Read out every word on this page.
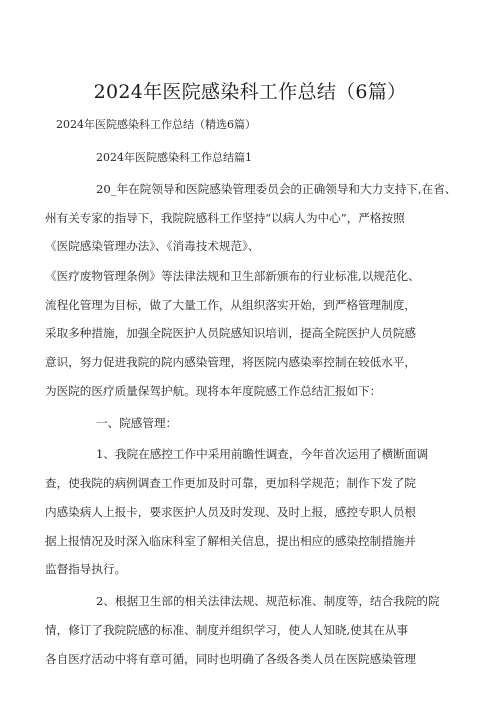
2024年医院感染科工作总结（6篇）
2024年医院感染科工作总结（精选6篇）
2024年医院感染科工作总结篇1
20_年在院领导和医院感染管理委员会的正确领导和大力支持下,在省、
州有关专家的指导下，我院院感科工作坚持“以病人为中心”，严格按照
《医院感染管理办法》、《消毒技术规范》、
《医疗废物管理条例》等法律法规和卫生部新颁布的行业标准,以规范化、
流程化管理为目标，做了大量工作，从组织落实开始，到严格管理制度，
采取多种措施，加强全院医护人员院感知识培训，提高全院医护人员院感
意识，努力促进我院的院内感染管理，将医院内感染率控制在较低水平，
为医院的医疗质量保驾护航。现将本年度院感工作总结汇报如下：
一、院感管理：
1、我院在感控工作中采用前瞻性调查，今年首次运用了横断面调
查，使我院的病例调查工作更加及时可靠，更加科学规范；制作下发了院
内感染病人上报卡，要求医护人员及时发现、及时上报，感控专职人员根
据上报情况及时深入临床科室了解相关信息，提出相应的感染控制措施并
监督指导执行。
2、根据卫生部的相关法律法规、规范标准、制度等，结合我院的院
情，修订了我院院感的标准、制度并组织学习，使人人知晓,使其在从事
各自医疗活动中将有章可循，同时也明确了各级各类人员在医院感染管理
